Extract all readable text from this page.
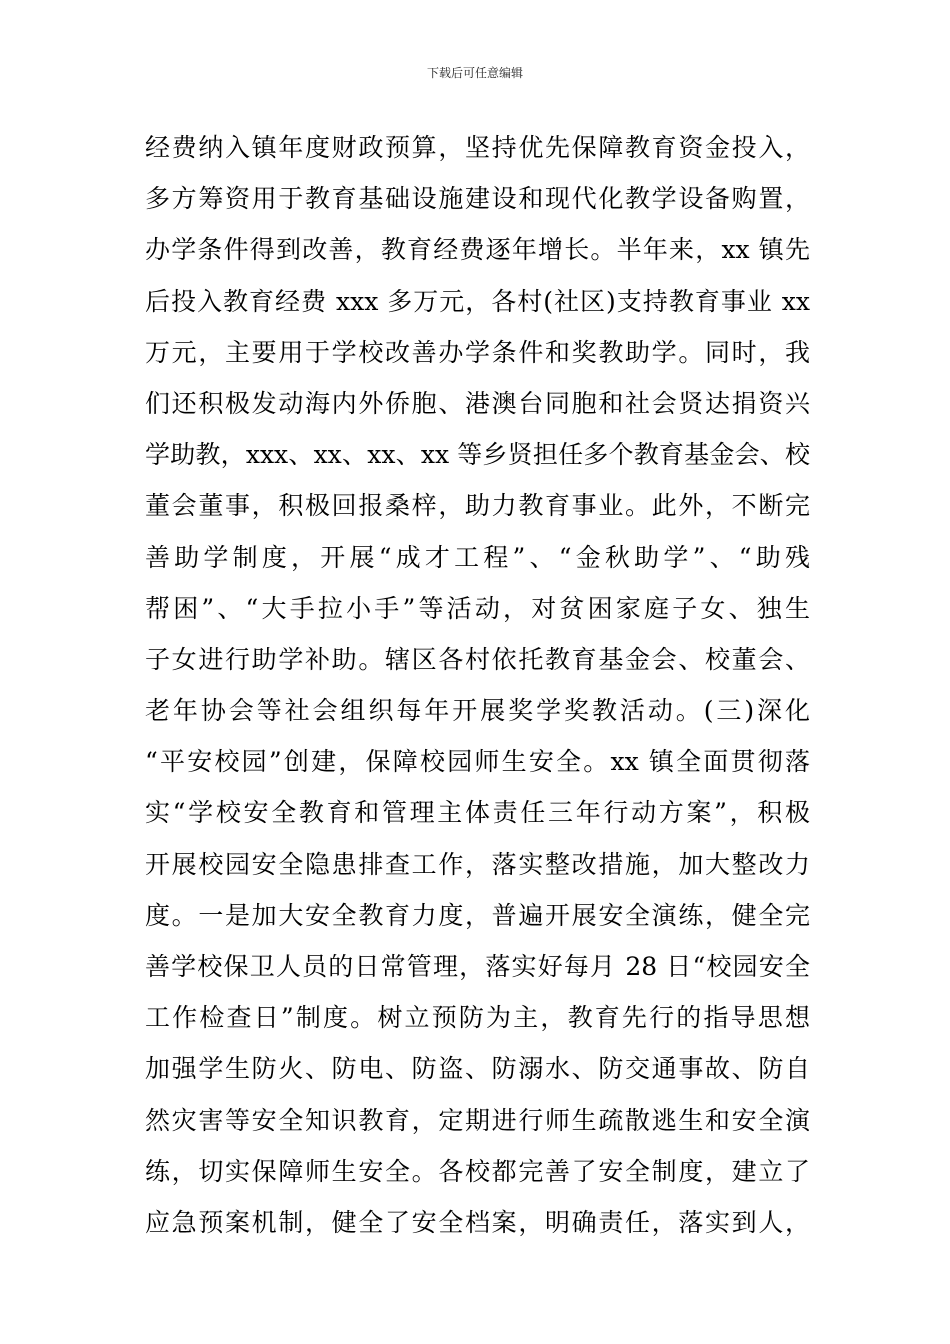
下载后可任意编辑
经费纳入镇年度财政预算，坚持优先保障教育资金投入，
多方筹资用于教育基础设施建设和现代化教学设备购置，
办学条件得到改善，教育经费逐年增长。半年来，xx 镇先
后投入教育经费 xxx 多万元，各村(社区)支持教育事业 xx
万元，主要用于学校改善办学条件和奖教助学。同时，我
们还积极发动海内外侨胞、港澳台同胞和社会贤达捐资兴
学助教，xxx、xx、xx、xx 等乡贤担任多个教育基金会、校
董会董事，积极回报桑梓，助力教育事业。此外，不断完
善助学制度，开展“成才工程”、“金秋助学”、“助残
帮困”、“大手拉小手”等活动，对贫困家庭子女、独生
子女进行助学补助。辖区各村依托教育基金会、校董会、
老年协会等社会组织每年开展奖学奖教活动。(三)深化
“平安校园”创建，保障校园师生安全。xx 镇全面贯彻落
实“学校安全教育和管理主体责任三年行动方案”，积极
开展校园安全隐患排查工作，落实整改措施，加大整改力
度。一是加大安全教育力度，普遍开展安全演练，健全完
善学校保卫人员的日常管理，落实好每月 28 日“校园安全
工作检查日”制度。树立预防为主，教育先行的指导思想
加强学生防火、防电、防盗、防溺水、防交通事故、防自
然灾害等安全知识教育，定期进行师生疏散逃生和安全演
练，切实保障师生安全。各校都完善了安全制度，建立了
应急预案机制，健全了安全档案，明确责任，落实到人，
